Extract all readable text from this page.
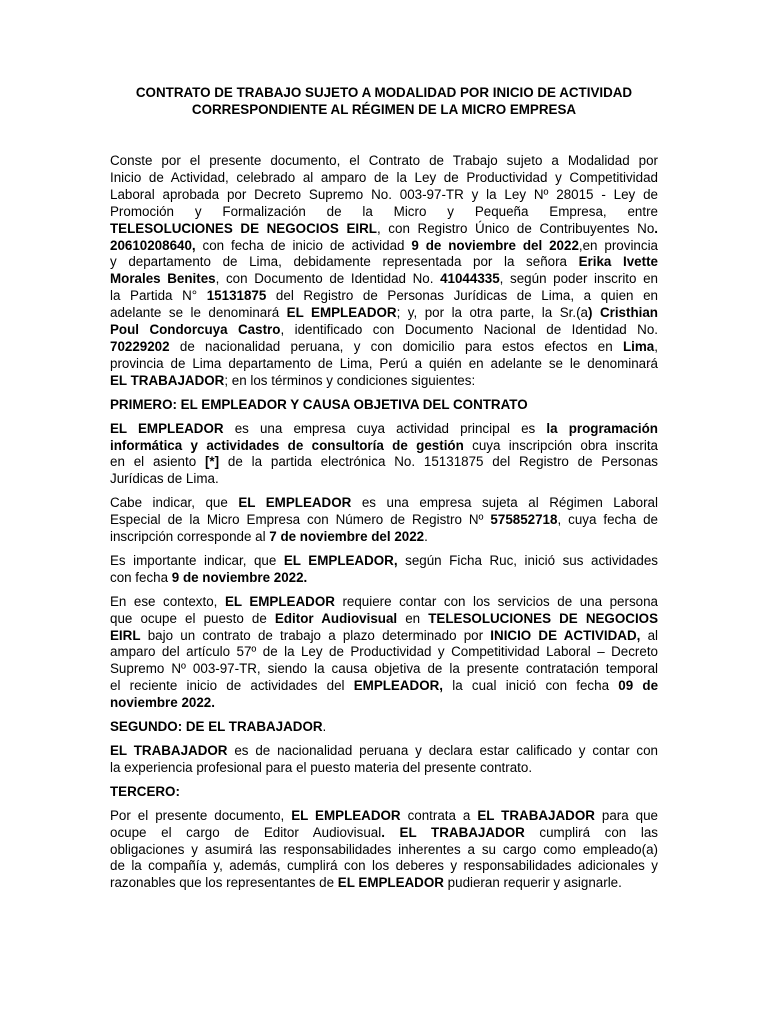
CONTRATO DE TRABAJO SUJETO A MODALIDAD POR INICIO DE ACTIVIDAD
CORRESPONDIENTE AL RÉGIMEN DE LA MICRO EMPRESA
Conste por el presente documento, el Contrato de Trabajo sujeto a Modalidad por
Inicio de Actividad, celebrado al amparo de la Ley de Productividad y Competitividad
Laboral aprobada por Decreto Supremo No. 003-97-TR y la Ley Nº 28015 - Ley de
Promoción y Formalización de la Micro y Pequeña Empresa, entre
TELESOLUCIONES DE NEGOCIOS EIRL, con Registro Único de Contribuyentes No.
20610208640, con fecha de inicio de actividad 9 de noviembre del 2022,en provincia
y departamento de Lima, debidamente representada por la señora Erika Ivette
Morales Benites, con Documento de Identidad No. 41044335, según poder inscrito en
la Partida N° 15131875 del Registro de Personas Jurídicas de Lima, a quien en
adelante se le denominará EL EMPLEADOR; y, por la otra parte, la Sr.(a) Cristhian
Poul Condorcuya Castro, identificado con Documento Nacional de Identidad No.
70229202 de nacionalidad peruana, y con domicilio para estos efectos en Lima,
provincia de Lima departamento de Lima, Perú a quién en adelante se le denominará
EL TRABAJADOR; en los términos y condiciones siguientes:
PRIMERO: EL EMPLEADOR Y CAUSA OBJETIVA DEL CONTRATO
EL EMPLEADOR es una empresa cuya actividad principal es la programación
informática y actividades de consultoría de gestión cuya inscripción obra inscrita
en el asiento [*] de la partida electrónica No. 15131875 del Registro de Personas
Jurídicas de Lima.
Cabe indicar, que EL EMPLEADOR es una empresa sujeta al Régimen Laboral
Especial de la Micro Empresa con Número de Registro Nº 575852718, cuya fecha de
inscripción corresponde al 7 de noviembre del 2022.
Es importante indicar, que EL EMPLEADOR, según Ficha Ruc, inició sus actividades
con fecha 9 de noviembre 2022.
En ese contexto, EL EMPLEADOR requiere contar con los servicios de una persona
que ocupe el puesto de Editor Audiovisual en TELESOLUCIONES DE NEGOCIOS
EIRL bajo un contrato de trabajo a plazo determinado por INICIO DE ACTIVIDAD, al
amparo del artículo 57º de la Ley de Productividad y Competitividad Laboral – Decreto
Supremo Nº 003-97-TR, siendo la causa objetiva de la presente contratación temporal
el reciente inicio de actividades del EMPLEADOR, la cual inició con fecha 09 de
noviembre 2022.
SEGUNDO: DE EL TRABAJADOR.
EL TRABAJADOR es de nacionalidad peruana y declara estar calificado y contar con
la experiencia profesional para el puesto materia del presente contrato.
TERCERO:
Por el presente documento, EL EMPLEADOR contrata a EL TRABAJADOR para que
ocupe el cargo de Editor Audiovisual. EL TRABAJADOR cumplirá con las
obligaciones y asumirá las responsabilidades inherentes a su cargo como empleado(a)
de la compañía y, además, cumplirá con los deberes y responsabilidades adicionales y
razonables que los representantes de EL EMPLEADOR pudieran requerir y asignarle.
